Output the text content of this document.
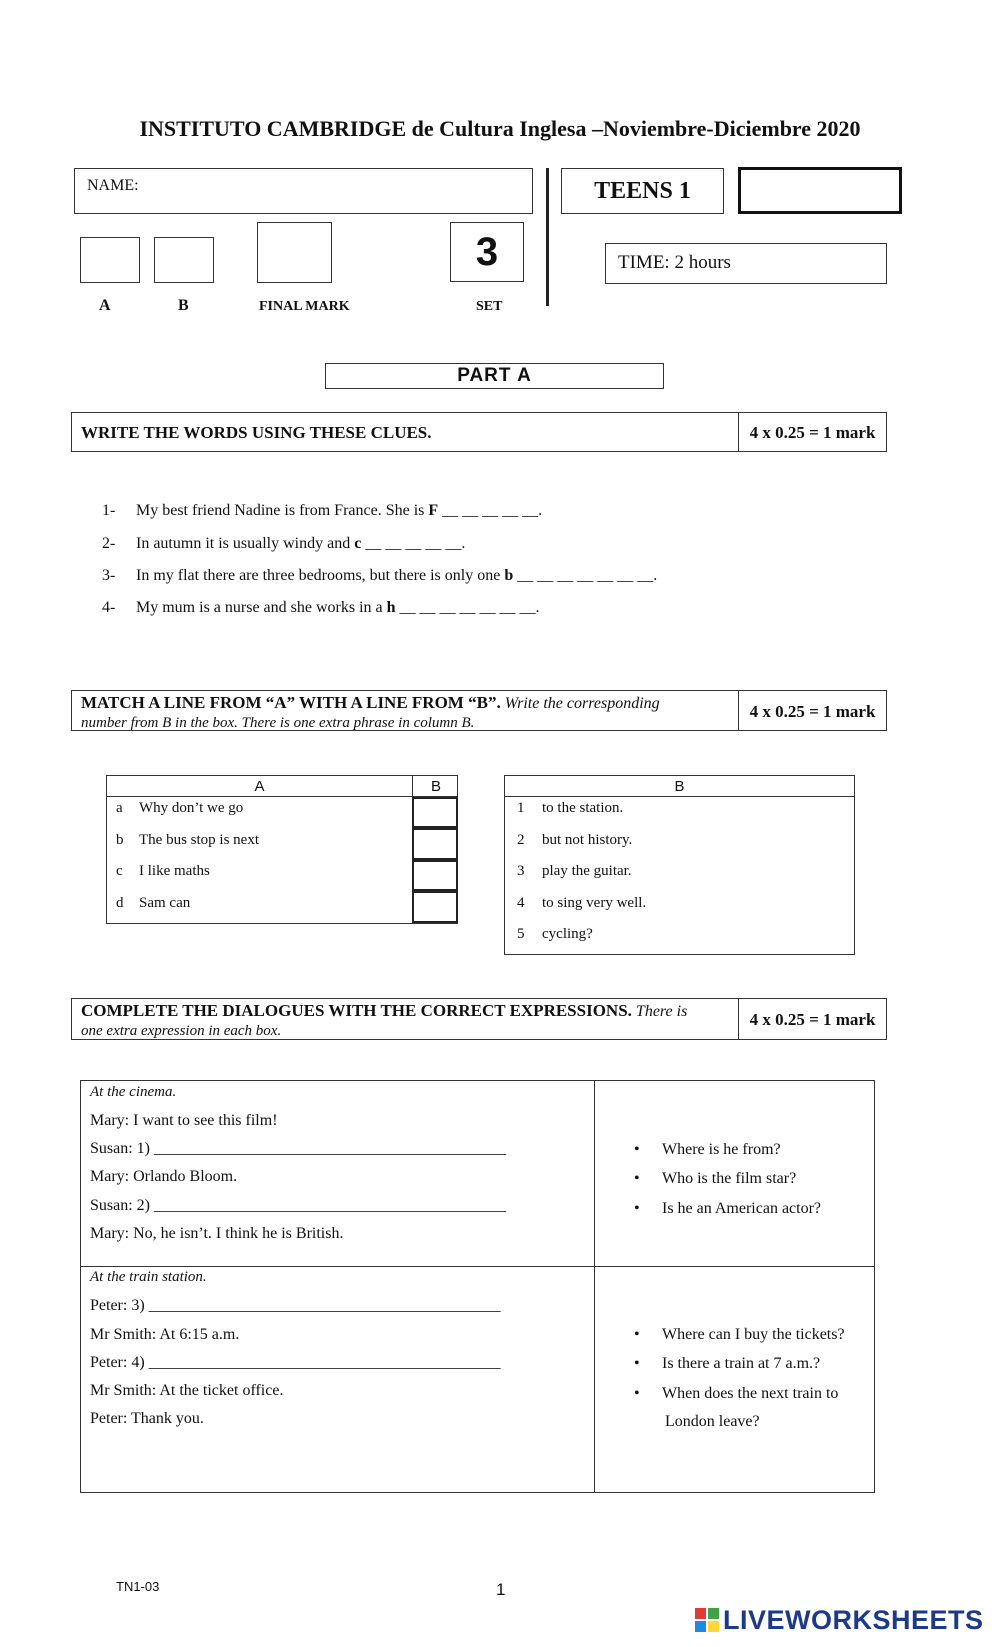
INSTITUTO CAMBRIDGE de Cultura Inglesa –Noviembre-Diciembre 2020
NAME:	TEENS 1
TIME: 2 hours
3
A	B	FINAL MARK	SET
PART A
WRITE THE WORDS USING THESE CLUES.	4 x 0.25 = 1 mark
1- My best friend Nadine is from France. She is F __ __ __ __ __.
2- In autumn it is usually windy and c __ __ __ __ __.
3- In my flat there are three bedrooms, but there is only one b __ __ __ __ __ __ __.
4- My mum is a nurse and she works in a h __ __ __ __ __ __ __.
MATCH A LINE FROM “A” WITH A LINE FROM “B”. Write the corresponding
number from B in the box. There is one extra phrase in column B.
4 x 0.25 = 1 mark
A	B
a Why don’t we go
b The bus stop is next
c I like maths
d Sam can
B
1 to the station.
2 but not history.
3 play the guitar.
4 to sing very well.
5 cycling?
COMPLETE THE DIALOGUES WITH THE CORRECT EXPRESSIONS. There is
one extra expression in each box.
4 x 0.25 = 1 mark
At the cinema.
Mary: I want to see this film!
Susan: 1) ____________________________________________
Mary: Orlando Bloom.
Susan: 2) ____________________________________________
Mary: No, he isn’t. I think he is British.
• Where is he from?
• Who is the film star?
• Is he an American actor?
At the train station.
Peter: 3) ____________________________________________
Mr Smith: At 6:15 a.m.
Peter: 4) ____________________________________________
Mr Smith: At the ticket office.
Peter: Thank you.
• Where can I buy the tickets?
• Is there a train at 7 a.m.?
• When does the next train to
London leave?
TN1-03	1
LIVEWORKSHEETS
